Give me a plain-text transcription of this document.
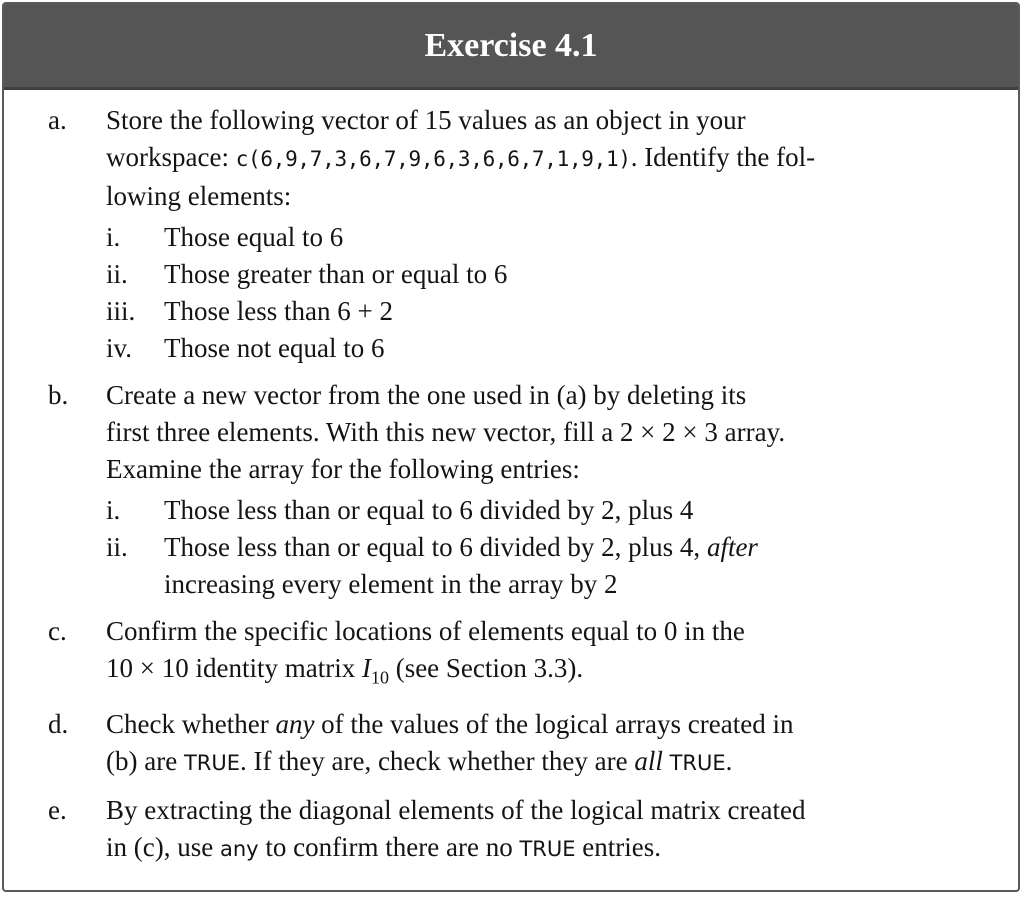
Exercise 4.1
a.	Store the following vector of 15 values as an object in your
workspace: c(6,9,7,3,6,7,9,6,3,6,6,7,1,9,1). Identify the fol-
lowing elements:
i.	Those equal to 6
ii.	Those greater than or equal to 6
iii.	Those less than 6 + 2
iv.	Those not equal to 6
b.	Create a new vector from the one used in (a) by deleting its
first three elements. With this new vector, fill a 2 × 2 × 3 array.
Examine the array for the following entries:
i.	Those less than or equal to 6 divided by 2, plus 4
ii.	Those less than or equal to 6 divided by 2, plus 4, after
increasing every element in the array by 2
c.	Confirm the specific locations of elements equal to 0 in the
10 × 10 identity matrix $I_{10}$ (see Section 3.3).
d.	Check whether any of the values of the logical arrays created in
(b) are TRUE. If they are, check whether they are all TRUE.
e.	By extracting the diagonal elements of the logical matrix created
in (c), use any to confirm there are no TRUE entries.
